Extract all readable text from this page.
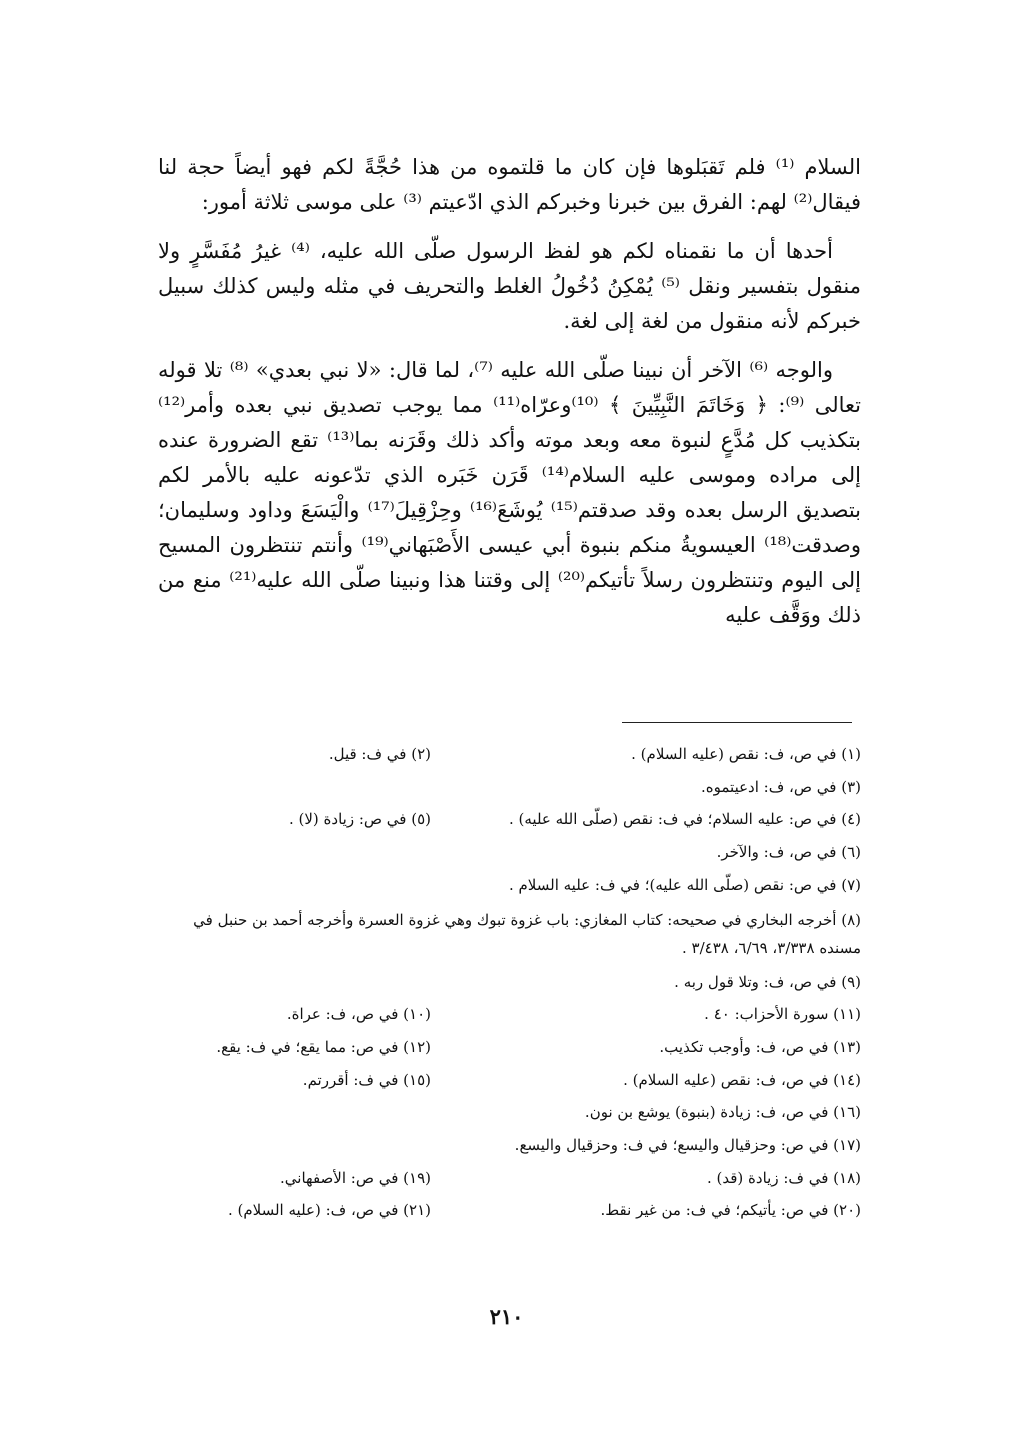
السلام ⁽¹⁾ فلم تَقبَلوها فإن كان ما قلتموه من هذا حُجَّةً لكم فهو أيضاً حجة لنا فيقال⁽²⁾ لهم: الفرق بين خبرنا وخبركم الذي ادّعيتم ⁽³⁾ على موسى ثلاثة أمور:

أحدها أن ما نقمناه لكم هو لفظ الرسول صلّى الله عليه، ⁽⁴⁾ غيرُ مُفَسَّرٍ ولا منقول بتفسير ونقل ⁽⁵⁾ يُمْكِنُ دُخُولُ الغلط والتحريف في مثله وليس كذلك سبيل خبركم لأنه منقول من لغة إلى لغة.

والوجه ⁽⁶⁾ الآخر أن نبينا صلّى الله عليه ⁽⁷⁾، لما قال: «لا نبي بعدي» ⁽⁸⁾ تلا قوله تعالى ⁽⁹⁾: ﴿ وَخَاتَمَ النَّبِيِّينَ ﴾ ⁽¹⁰⁾وعرّاه⁽¹¹⁾ مما يوجب تصديق نبي بعده وأمر⁽¹²⁾ بتكذيب كل مُدَّعٍ لنبوة معه وبعد موته وأكد ذلك وقَرَنه بما⁽¹³⁾ تقع الضرورة عنده إلى مراده وموسى عليه السلام⁽¹⁴⁾ قَرَن خَبَره الذي تدّعونه عليه بالأمر لكم بتصديق الرسل بعده وقد صدقتم⁽¹⁵⁾ يُوشَعَ⁽¹⁶⁾ وحِزْقِيلَ⁽¹⁷⁾ والْيَسَعَ وداود وسليمان؛ وصدقت⁽¹⁸⁾ العيسويةُ منكم بنبوة أبي عيسى الأَصْبَهاني⁽¹⁹⁾ وأنتم تنتظرون المسيح إلى اليوم وتنتظرون رسلاً تأتيكم⁽²⁰⁾ إلى وقتنا هذا ونبينا صلّى الله عليه⁽²¹⁾ منع من ذلك ووَقَّف عليه

(١) في ص، ف: نقص (عليه السلام) .
(٢) في ف: قيل.
(٣) في ص، ف: ادعيتموه.
(٤) في ص: عليه السلام؛ في ف: نقص (صلّى الله عليه) .
(٥) في ص: زيادة (لا) .
(٦) في ص، ف: والآخر.
(٧) في ص: نقص (صلّى الله عليه)؛ في ف: عليه السلام .
(٨) أخرجه البخاري في صحيحه: كتاب المغازي: باب غزوة تبوك وهي غزوة العسرة وأخرجه أحمد بن حنبل في مسنده ٣/٣٣٨، ٦/٦٩، ٣/٤٣٨ .
(٩) في ص، ف: وتلا قول ربه .
(١١) سورة الأحزاب: ٤٠ .
(١٠) في ص، ف: عراة.
(١٣) في ص، ف: وأوجب تكذيب.
(١٢) في ص: مما يقع؛ في ف: يقع.
(١٤) في ص، ف: نقص (عليه السلام) .
(١٥) في ف: أقررتم.
(١٦) في ص، ف: زيادة (بنبوة) يوشع بن نون.
(١٧) في ص: وحزقيال واليسع؛ في ف: وحزقيال واليسع.
(١٨) في ف: زيادة (قد) .
(١٩) في ص: الأصفهاني.
(٢٠) في ص: يأتيكم؛ في ف: من غير نقط.
(٢١) في ص، ف: (عليه السلام) .
٢١٠
